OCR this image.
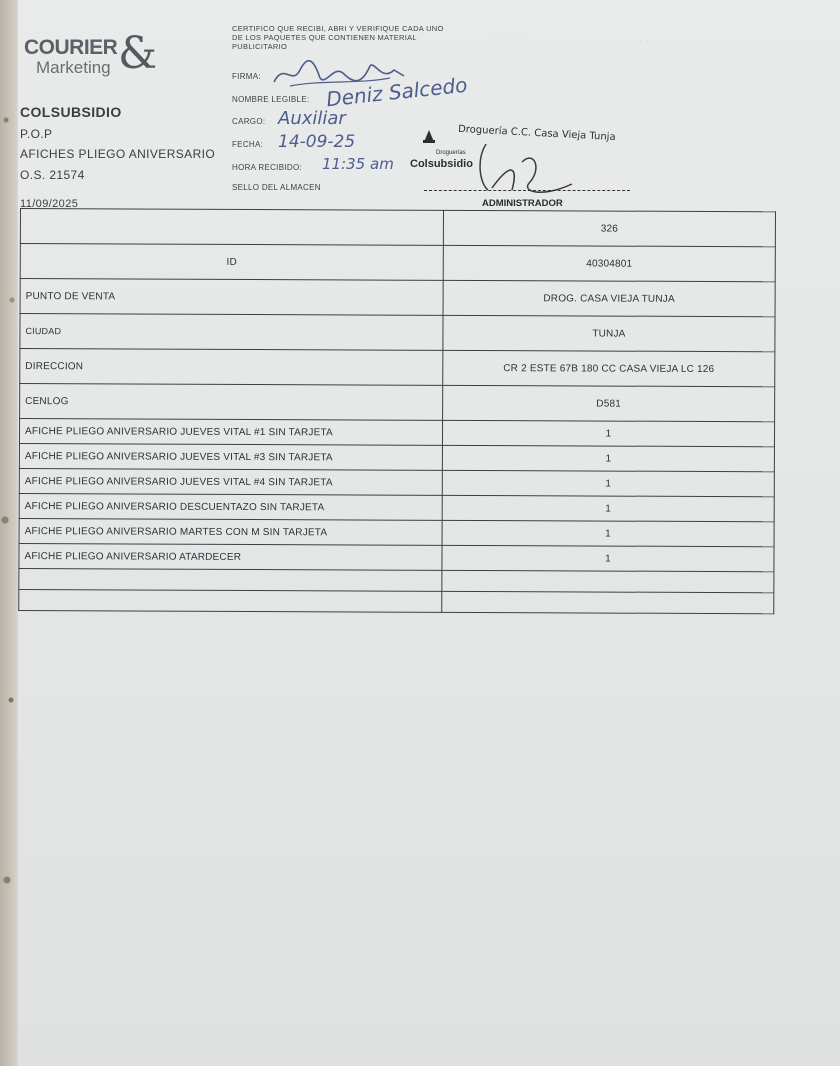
COURIER
Marketing &
COLSUBSIDIO
P.O.P
AFICHES PLIEGO ANIVERSARIO
O.S. 21574
11/09/2025
CERTIFICO QUE RECIBI, ABRI Y VERIFIQUE CADA UNO DE LOS PAQUETES QUE CONTIENEN MATERIAL PUBLICITARIO
FIRMA:
NOMBRE LEGIBLE: Deniz Salcedo
CARGO: Auxiliar
FECHA: 14-09-25
HORA RECIBIDO: 11:35 am
SELLO DEL ALMACEN
Droguería C.C. Casa Vieja Tunja
Droguerías
Colsubsidio
ADMINISTRADOR
· · · · · ·
· · · · · ·
	326
ID	40304801
PUNTO DE VENTA	DROG. CASA VIEJA TUNJA
CIUDAD	TUNJA
DIRECCION	CR 2 ESTE 67B 180 CC CASA VIEJA LC 126
CENLOG	D581
AFICHE PLIEGO ANIVERSARIO JUEVES VITAL #1 SIN TARJETA	1
AFICHE PLIEGO ANIVERSARIO JUEVES VITAL #3 SIN TARJETA	1
AFICHE PLIEGO ANIVERSARIO JUEVES VITAL #4 SIN TARJETA	1
AFICHE PLIEGO ANIVERSARIO DESCUENTAZO SIN TARJETA	1
AFICHE PLIEGO ANIVERSARIO MARTES CON M SIN TARJETA	1
AFICHE PLIEGO ANIVERSARIO ATARDECER	1
